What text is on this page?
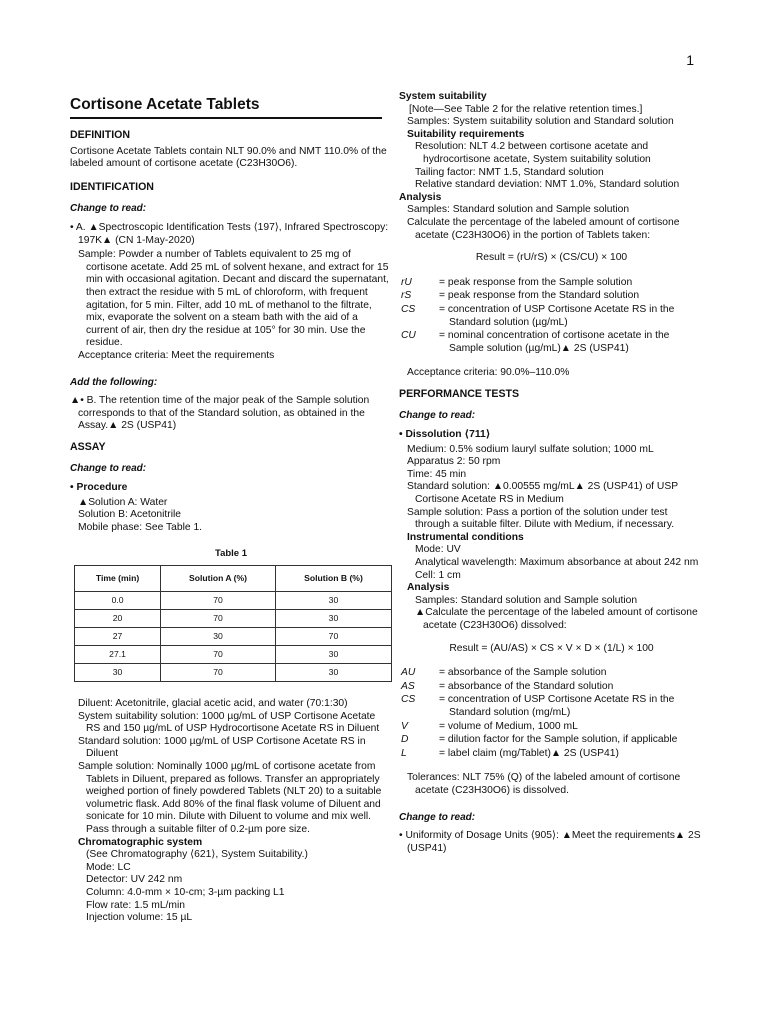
1
Cortisone Acetate Tablets
DEFINITION

Cortisone Acetate Tablets contain NLT 90.0% and NMT 110.0% of the labeled amount of cortisone acetate (C23H30O6).

IDENTIFICATION
Change to read:

• A. ▲Spectroscopic Identification Tests ⟨197⟩, Infrared Spectroscopy: 197K▲ (CN 1-May-2020)

Sample: Powder a number of Tablets equivalent to 25 mg of cortisone acetate. Add 25 mL of solvent hexane, and extract for 15 min with occasional agitation. Decant and discard the supernatant, then extract the residue with 5 mL of chloroform, with frequent agitation, for 5 min. Filter, add 10 mL of methanol to the filtrate, mix, evaporate the solvent on a steam bath with the aid of a current of air, then dry the residue at 105° for 30 min. Use the residue.

Acceptance criteria: Meet the requirements

Add the following:

▲• B. The retention time of the major peak of the Sample solution corresponds to that of the Standard solution, as obtained in the Assay.▲ 2S (USP41)

ASSAY
Change to read:

• Procedure

▲Solution A: Water

Solution B: Acetonitrile

Mobile phase: See Table 1.

Table 1
Time (min)	Solution A (%)	Solution B (%)
0.0	70	30
20	70	30
27	30	70
27.1	70	30
30	70	30

Diluent: Acetonitrile, glacial acetic acid, and water (70:1:30)

System suitability solution: 1000 µg/mL of USP Cortisone Acetate RS and 150 µg/mL of USP Hydrocortisone Acetate RS in Diluent

Standard solution: 1000 µg/mL of USP Cortisone Acetate RS in Diluent

Sample solution: Nominally 1000 µg/mL of cortisone acetate from Tablets in Diluent, prepared as follows. Transfer an appropriately weighed portion of finely powdered Tablets (NLT 20) to a suitable volumetric flask. Add 80% of the final flask volume of Diluent and sonicate for 10 min. Dilute with Diluent to volume and mix well. Pass through a suitable filter of 0.2-µm pore size.

Chromatographic system

(See Chromatography ⟨621⟩, System Suitability.)

Mode: LC

Detector: UV 242 nm

Column: 4.0-mm × 10-cm; 3-µm packing L1

Flow rate: 1.5 mL/min

Injection volume: 15 µL

System suitability

[Note—See Table 2 for the relative retention times.]

Samples: System suitability solution and Standard solution

Suitability requirements

Resolution: NLT 4.2 between cortisone acetate and hydrocortisone acetate, System suitability solution

Tailing factor: NMT 1.5, Standard solution

Relative standard deviation: NMT 1.0%, Standard solution

Analysis

Samples: Standard solution and Sample solution

Calculate the percentage of the labeled amount of cortisone acetate (C23H30O6) in the portion of Tablets taken:

Result = (rU/rS) × (CS/CU) × 100
rU	= peak response from the Sample solution
rS	= peak response from the Standard solution
CS	= concentration of USP Cortisone Acetate RS in the Standard solution (µg/mL)
CU	= nominal concentration of cortisone acetate in the Sample solution (µg/mL)▲ 2S (USP41)

Acceptance criteria: 90.0%–110.0%

PERFORMANCE TESTS
Change to read:

• Dissolution ⟨711⟩

Medium: 0.5% sodium lauryl sulfate solution; 1000 mL

Apparatus 2: 50 rpm

Time: 45 min

Standard solution: ▲0.00555 mg/mL▲ 2S (USP41) of USP Cortisone Acetate RS in Medium

Sample solution: Pass a portion of the solution under test through a suitable filter. Dilute with Medium, if necessary.

Instrumental conditions

Mode: UV

Analytical wavelength: Maximum absorbance at about 242 nm

Cell: 1 cm

Analysis

Samples: Standard solution and Sample solution

▲Calculate the percentage of the labeled amount of cortisone acetate (C23H30O6) dissolved:

Result = (AU/AS) × CS × V × D × (1/L) × 100
AU	= absorbance of the Sample solution
AS	= absorbance of the Standard solution
CS	= concentration of USP Cortisone Acetate RS in the Standard solution (mg/mL)
V	= volume of Medium, 1000 mL
D	= dilution factor for the Sample solution, if applicable
L	= label claim (mg/Tablet)▲ 2S (USP41)

Tolerances: NLT 75% (Q) of the labeled amount of cortisone acetate (C23H30O6) is dissolved.

Change to read:

• Uniformity of Dosage Units ⟨905⟩: ▲Meet the requirements▲ 2S (USP41)
